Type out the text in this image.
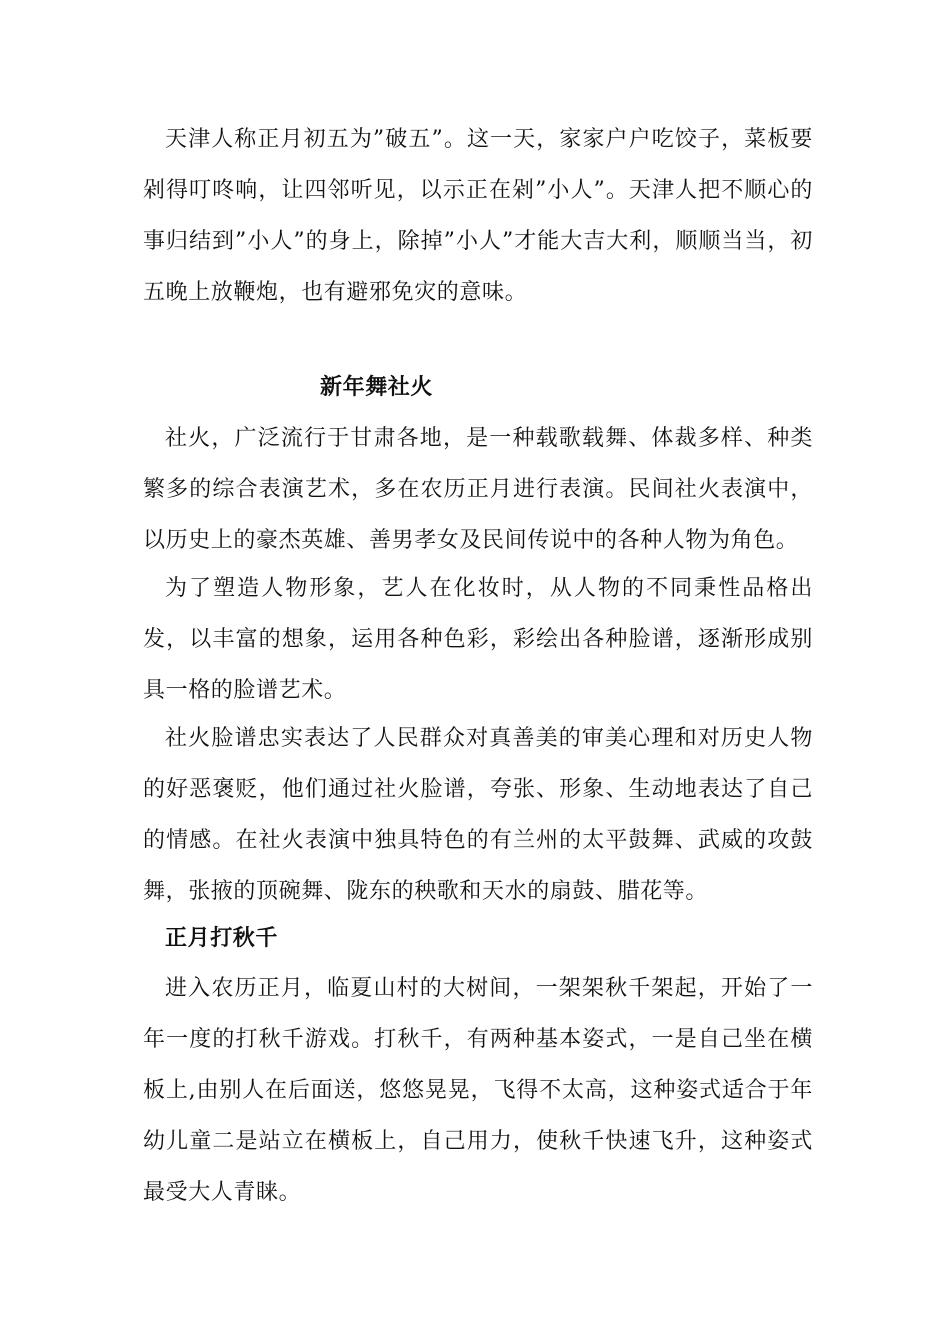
天津人称正月初五为”破五”。这一天，家家户户吃饺子，菜板要剁得叮咚响，让四邻听见，以示正在剁”小人”。天津人把不顺心的事归结到”小人”的身上，除掉”小人”才能大吉大利，顺顺当当，初五晚上放鞭炮，也有避邪免灾的意味。

新年舞社火

社火，广泛流行于甘肃各地，是一种载歌载舞、体裁多样、种类繁多的综合表演艺术，多在农历正月进行表演。民间社火表演中，以历史上的豪杰英雄、善男孝女及民间传说中的各种人物为角色。

为了塑造人物形象，艺人在化妆时，从人物的不同秉性品格出发，以丰富的想象，运用各种色彩，彩绘出各种脸谱，逐渐形成别具一格的脸谱艺术。

社火脸谱忠实表达了人民群众对真善美的审美心理和对历史人物的好恶褒贬，他们通过社火脸谱，夸张、形象、生动地表达了自己的情感。在社火表演中独具特色的有兰州的太平鼓舞、武威的攻鼓舞，张掖的顶碗舞、陇东的秧歌和天水的扇鼓、腊花等。

正月打秋千

进入农历正月，临夏山村的大树间，一架架秋千架起，开始了一年一度的打秋千游戏。打秋千，有两种基本姿式，一是自己坐在横板上,由别人在后面送，悠悠晃晃，飞得不太高，这种姿式适合于年幼儿童二是站立在横板上，自己用力，使秋千快速飞升，这种姿式最受大人青睐。
